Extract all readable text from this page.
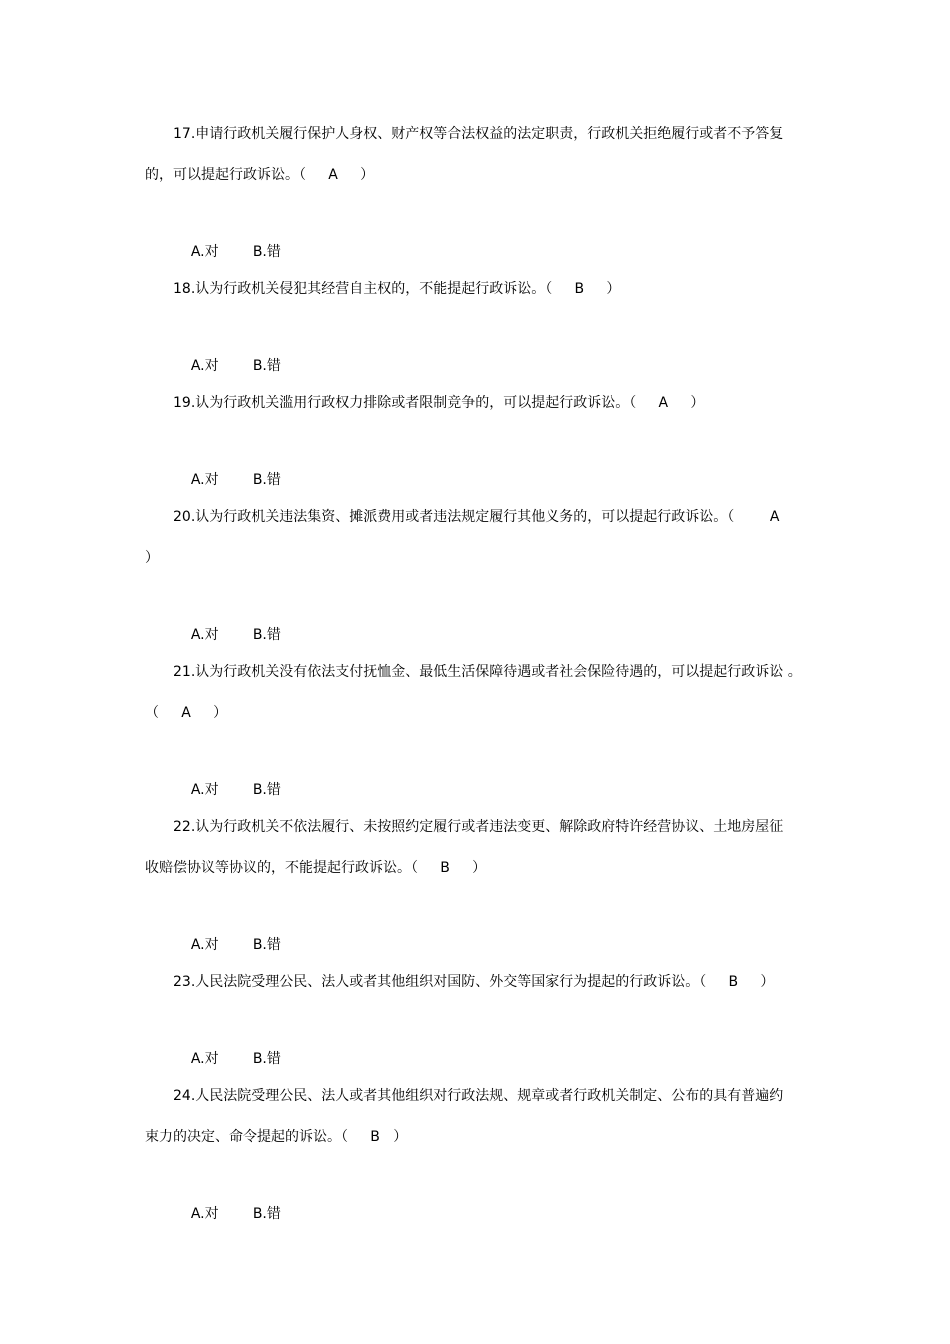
17.申请行政机关履行保护人身权、财产权等合法权益的法定职责，行政机关拒绝履行或者不予答复
的，可以提起行政诉讼。（     A     ）

A.对 B.错

18.认为行政机关侵犯其经营自主权的，不能提起行政诉讼。（     B     ）

A.对 B.错

19.认为行政机关滥用行政权力排除或者限制竞争的，可以提起行政诉讼。（     A     ）

A.对 B.错

20.认为行政机关违法集资、摊派费用或者违法规定履行其他义务的，可以提起行政诉讼。（        A
）

A.对 B.错

21.认为行政机关没有依法支付抚恤金、最低生活保障待遇或者社会保险待遇的，可以提起行政诉讼 。
（     A     ）

A.对 B.错

22.认为行政机关不依法履行、未按照约定履行或者违法变更、解除政府特许经营协议、土地房屋征
收赔偿协议等协议的，不能提起行政诉讼。（     B     ）

A.对 B.错

23.人民法院受理公民、法人或者其他组织对国防、外交等国家行为提起的行政诉讼。（     B     ）

A.对 B.错

24.人民法院受理公民、法人或者其他组织对行政法规、规章或者行政机关制定、公布的具有普遍约
束力的决定、命令提起的诉讼。（     B   ）

A.对 B.错
